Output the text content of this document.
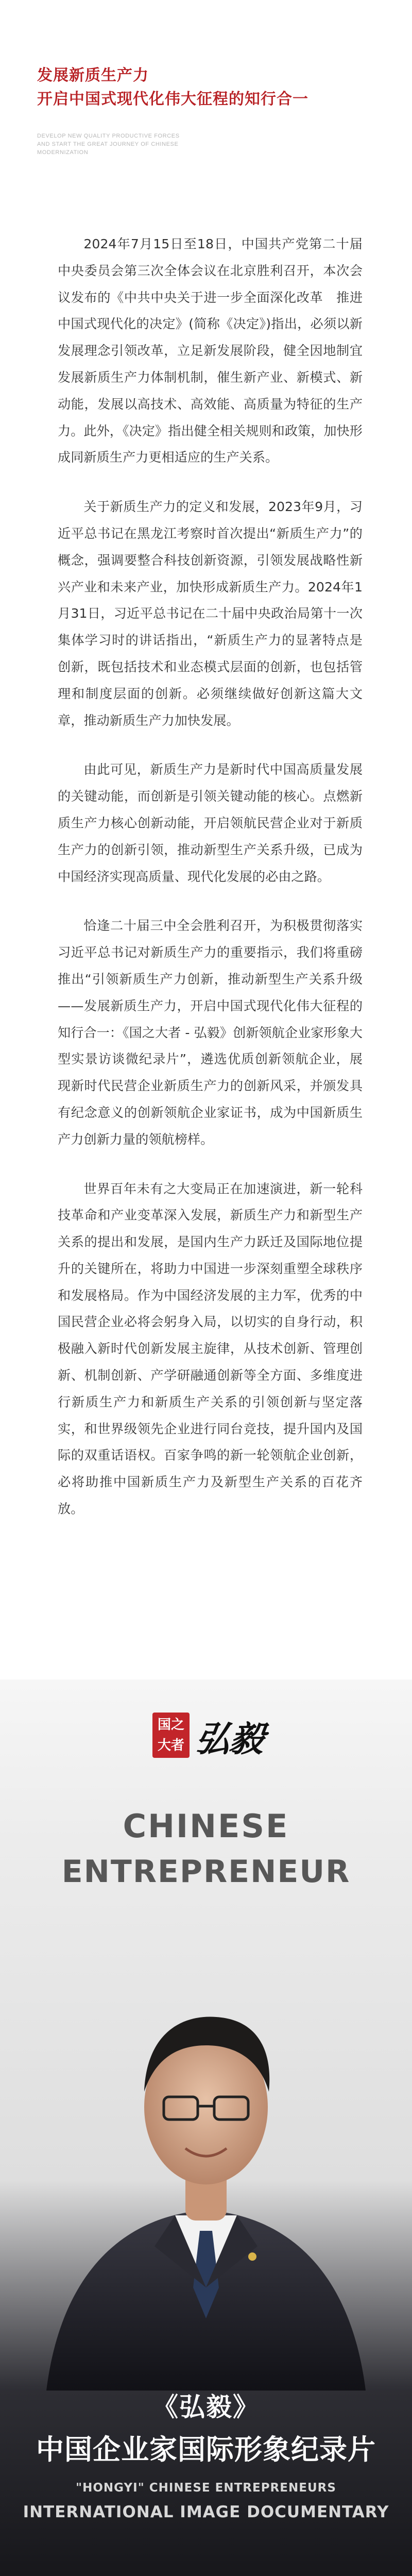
发展新质生产力
开启中国式现代化伟大征程的知行合一
DEVELOP NEW QUALITY PRODUCTIVE FORCES AND START THE GREAT JOURNEY OF CHINESE MODERNIZATION

2024年7月15日至18日，中国共产党第二十届中央委员会第三次全体会议在北京胜利召开，本次会议发布的《中共中央关于进一步全面深化改革　推进中国式现代化的决定》(简称《决定》)指出，必须以新发展理念引领改革，立足新发展阶段，健全因地制宜发展新质生产力体制机制，催生新产业、新模式、新动能，发展以高技术、高效能、高质量为特征的生产力。此外，《决定》指出健全相关规则和政策，加快形成同新质生产力更相适应的生产关系。

关于新质生产力的定义和发展，2023年9月，习近平总书记在黑龙江考察时首次提出“新质生产力”的概念，强调要整合科技创新资源，引领发展战略性新兴产业和未来产业，加快形成新质生产力。2024年1月31日，习近平总书记在二十届中央政治局第十一次集体学习时的讲话指出，“新质生产力的显著特点是创新，既包括技术和业态模式层面的创新，也包括管理和制度层面的创新。必须继续做好创新这篇大文章，推动新质生产力加快发展。

由此可见，新质生产力是新时代中国高质量发展的关键动能，而创新是引领关键动能的核心。点燃新质生产力核心创新动能，开启领航民营企业对于新质生产力的创新引领，推动新型生产关系升级，已成为中国经济实现高质量、现代化发展的必由之路。

恰逢二十届三中全会胜利召开，为积极贯彻落实习近平总书记对新质生产力的重要指示，我们将重磅推出“引领新质生产力创新，推动新型生产关系升级——发展新质生产力，开启中国式现代化伟大征程的知行合一：《国之大者 - 弘毅》创新领航企业家形象大型实景访谈微纪录片”，遴选优质创新领航企业，展现新时代民营企业新质生产力的创新风采，并颁发具有纪念意义的创新领航企业家证书，成为中国新质生产力创新力量的领航榜样。

世界百年未有之大变局正在加速演进，新一轮科技革命和产业变革深入发展，新质生产力和新型生产关系的提出和发展，是国内生产力跃迁及国际地位提升的关键所在，将助力中国进一步深刻重塑全球秩序和发展格局。作为中国经济发展的主力军，优秀的中国民营企业必将会躬身入局，以切实的自身行动，积极融入新时代创新发展主旋律，从技术创新、管理创新、机制创新、产学研融通创新等全方面、多维度进行新质生产力和新质生产关系的引领创新与坚定落实，和世界级领先企业进行同台竞技，提升国内及国际的双重话语权。百家争鸣的新一轮领航企业创新，必将助推中国新质生产力及新型生产关系的百花齐放。

国之大者 弘毅
CHINESE
ENTREPRENEUR
《弘毅》
中国企业家国际形象纪录片
"HONGYI" CHINESE ENTREPRENEURS
INTERNATIONAL IMAGE DOCUMENTARY
